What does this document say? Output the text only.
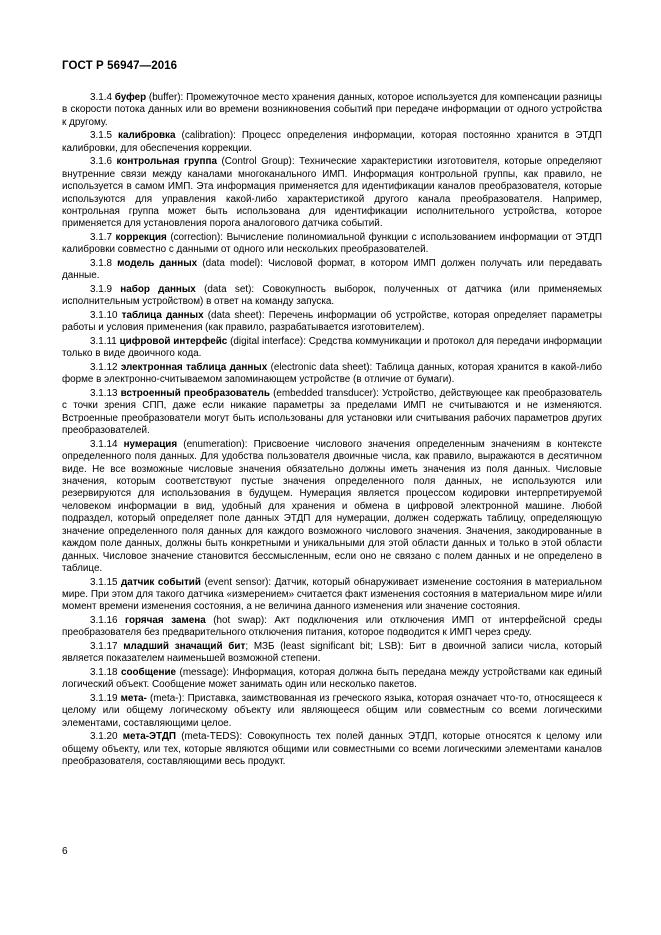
ГОСТ Р 56947—2016

3.1.4 буфер (buffer): Промежуточное место хранения данных, которое используется для компенсации разницы в скорости потока данных или во времени возникновения событий при передаче информации от одного устройства к другому.

3.1.5 калибровка (calibration): Процесс определения информации, которая постоянно хранится в ЭТДП калибровки, для обеспечения коррекции.

3.1.6 контрольная группа (Control Group): Технические характеристики изготовителя, которые определяют внутренние связи между каналами многоканального ИМП. Информация контрольной группы, как правило, не используется в самом ИМП. Эта информация применяется для идентификации каналов преобразователя, которые используются для управления какой-либо характеристикой другого канала преобразователя. Например, контрольная группа может быть использована для идентификации исполнительного устройства, которое применяется для установления порога аналогового датчика событий.

3.1.7 коррекция (correction): Вычисление полиномиальной функции с использованием информации от ЭТДП калибровки совместно с данными от одного или нескольких преобразователей.

3.1.8 модель данных (data model): Числовой формат, в котором ИМП должен получать или передавать данные.

3.1.9 набор данных (data set): Совокупность выборок, полученных от датчика (или применяемых исполнительным устройством) в ответ на команду запуска.

3.1.10 таблица данных (data sheet): Перечень информации об устройстве, которая определяет параметры работы и условия применения (как правило, разрабатывается изготовителем).

3.1.11 цифровой интерфейс (digital interface): Средства коммуникации и протокол для передачи информации только в виде двоичного кода.

3.1.12 электронная таблица данных (electronic data sheet): Таблица данных, которая хранится в какой-либо форме в электронно-считываемом запоминающем устройстве (в отличие от бумаги).

3.1.13 встроенный преобразователь (embedded transducer): Устройство, действующее как преобразователь с точки зрения СПП, даже если никакие параметры за пределами ИМП не считываются и не изменяются. Встроенные преобразователи могут быть использованы для установки или считывания рабочих параметров других преобразователей.

3.1.14 нумерация (enumeration): Присвоение числового значения определенным значениям в контексте определенного поля данных. Для удобства пользователя двоичные числа, как правило, выражаются в десятичном виде. Не все возможные числовые значения обязательно должны иметь значения из поля данных. Числовые значения, которым соответствуют пустые значения определенного поля данных, не используются или резервируются для использования в будущем. Нумерация является процессом кодировки интерпретируемой человеком информации в вид, удобный для хранения и обмена в цифровой электронной машине. Любой подраздел, который определяет поле данных ЭТДП для нумерации, должен содержать таблицу, определяющую значение определенного поля данных для каждого возможного числового значения. Значения, закодированные в каждом поле данных, должны быть конкретными и уникальными для этой области данных и только в этой области данных. Числовое значение становится бессмысленным, если оно не связано с полем данных и не определено в таблице.

3.1.15 датчик событий (event sensor): Датчик, который обнаруживает изменение состояния в материальном мире. При этом для такого датчика «измерением» считается факт изменения состояния в материальном мире и/или момент времени изменения состояния, а не величина данного изменения или значение состояния.

3.1.16 горячая замена (hot swap): Акт подключения или отключения ИМП от интерфейсной среды преобразователя без предварительного отключения питания, которое подводится к ИМП через среду.

3.1.17 младший значащий бит; МЗБ (least significant bit; LSB): Бит в двоичной записи числа, который является показателем наименьшей возможной степени.

3.1.18 сообщение (message): Информация, которая должна быть передана между устройствами как единый логический объект. Сообщение может занимать один или несколько пакетов.

3.1.19 мета- (meta-): Приставка, заимствованная из греческого языка, которая означает что-то, относящееся к целому или общему логическому объекту или являющееся общим или совместным со всеми логическими элементами, составляющими целое.

3.1.20 мета-ЭТДП (meta-TEDS): Совокупность тех полей данных ЭТДП, которые относятся к целому или общему объекту, или тех, которые являются общими или совместными со всеми логическими элементами каналов преобразователя, составляющими весь продукт.

6
